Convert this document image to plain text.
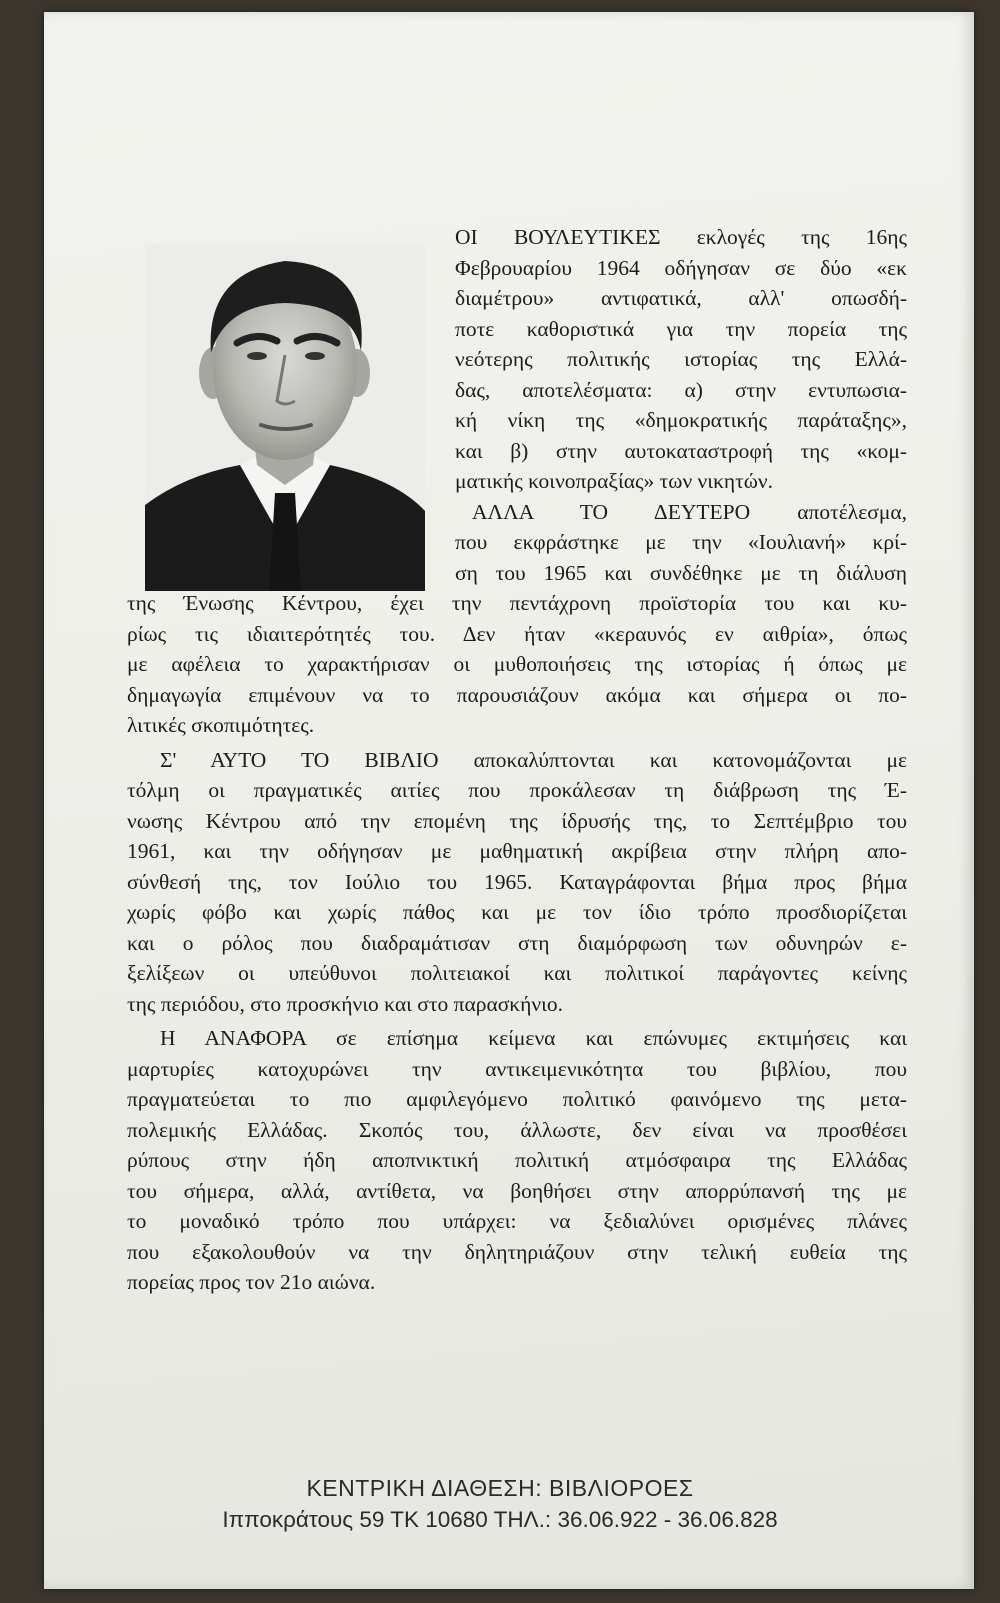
ΟΙ ΒΟΥΛΕΥΤΙΚΕΣ εκλογές της 16ης
Φεβρουαρίου 1964 οδήγησαν σε δύο «εκ
διαμέτρου» αντιφατικά, αλλ' οπωσδή-
ποτε καθοριστικά για την πορεία της
νεότερης πολιτικής ιστορίας της Ελλά-
δας, αποτελέσματα: α) στην εντυπωσια-
κή νίκη της «δημοκρατικής παράταξης»,
και β) στην αυτοκαταστροφή της «κομ-
ματικής κοινοπραξίας» των νικητών.

ΑΛΛΑ ΤΟ ΔΕΥΤΕΡΟ αποτέλεσμα,
που εκφράστηκε με την «Ιουλιανή» κρί-
ση του 1965 και συνδέθηκε με τη διάλυση
της Ένωσης Κέντρου, έχει την πεντάχρονη προϊστορία του και κυ-
ρίως τις ιδιαιτερότητές του. Δεν ήταν «κεραυνός εν αιθρία», όπως
με αφέλεια το χαρακτήρισαν οι μυθοποιήσεις της ιστορίας ή όπως με
δημαγωγία επιμένουν να το παρουσιάζουν ακόμα και σήμερα οι πο-
λιτικές σκοπιμότητες.

Σ' ΑΥΤΟ ΤΟ ΒΙΒΛΙΟ αποκαλύπτονται και κατονομάζονται με
τόλμη οι πραγματικές αιτίες που προκάλεσαν τη διάβρωση της Έ-
νωσης Κέντρου από την επομένη της ίδρυσής της, το Σεπτέμβριο του
1961, και την οδήγησαν με μαθηματική ακρίβεια στην πλήρη απο-
σύνθεσή της, τον Ιούλιο του 1965. Καταγράφονται βήμα προς βήμα
χωρίς φόβο και χωρίς πάθος και με τον ίδιο τρόπο προσδιορίζεται
και ο ρόλος που διαδραμάτισαν στη διαμόρφωση των οδυνηρών ε-
ξελίξεων οι υπεύθυνοι πολιτειακοί και πολιτικοί παράγοντες κείνης
της περιόδου, στο προσκήνιο και στο παρασκήνιο.

Η ΑΝΑΦΟΡΑ σε επίσημα κείμενα και επώνυμες εκτιμήσεις και
μαρτυρίες κατοχυρώνει την αντικειμενικότητα του βιβλίου, που
πραγματεύεται το πιο αμφιλεγόμενο πολιτικό φαινόμενο της μετα-
πολεμικής Ελλάδας. Σκοπός του, άλλωστε, δεν είναι να προσθέσει
ρύπους στην ήδη αποπνικτική πολιτική ατμόσφαιρα της Ελλάδας
του σήμερα, αλλά, αντίθετα, να βοηθήσει στην απορρύπανσή της με
το μοναδικό τρόπο που υπάρχει: να ξεδιαλύνει ορισμένες πλάνες
που εξακολουθούν να την δηλητηριάζουν στην τελική ευθεία της
πορείας προς τον 21ο αιώνα.

ΚΕΝΤΡΙΚΗ ΔΙΑΘΕΣΗ: ΒΙΒΛΙΟΡΟΕΣ
Ιπποκράτους 59 ΤΚ 10680 ΤΗΛ.: 36.06.922 - 36.06.828
